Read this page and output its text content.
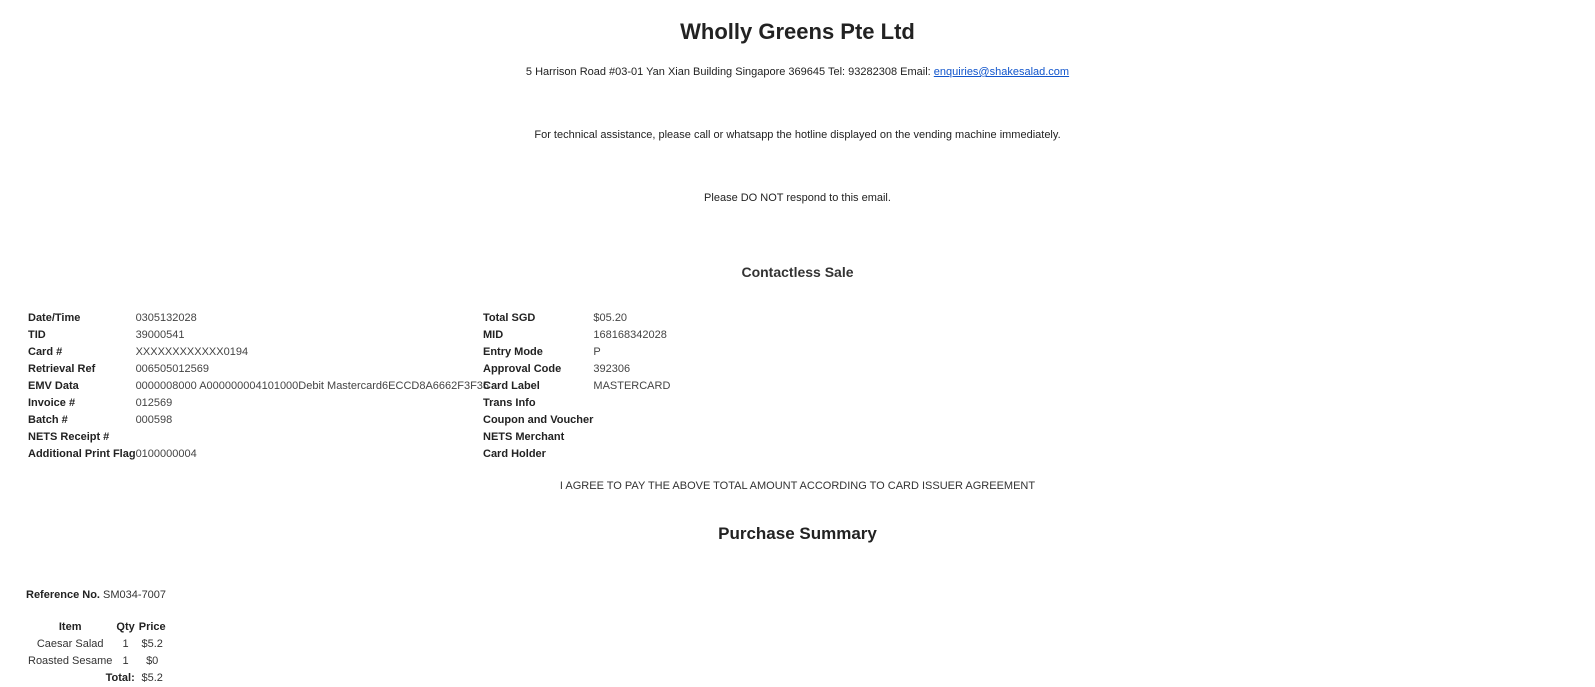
Wholly Greens Pte Ltd
5 Harrison Road #03-01 Yan Xian Building Singapore 369645 Tel: 93282308 Email: enquiries@shakesalad.com
For technical assistance, please call or whatsapp the hotline displayed on the vending machine immediately.
Please DO NOT respond to this email.
Contactless Sale
Date/Time	0305132028
TID	39000541
Card #	XXXXXXXXXXXX0194
Retrieval Ref	006505012569
EMV Data	0000008000 A000000004101000Debit Mastercard6ECCD8A6662F3F35
Invoice #	012569
Batch #	000598
NETS Receipt #	
Additional Print Flag	0100000004
Total SGD	$05.20
MID	168168342028
Entry Mode	P
Approval Code	392306
Card Label	MASTERCARD
Trans Info	
Coupon and Voucher	
NETS Merchant	
Card Holder	
I AGREE TO PAY THE ABOVE TOTAL AMOUNT ACCORDING TO CARD ISSUER AGREEMENT
Purchase Summary
Reference No. SM034-7007
Item	Qty	Price
Caesar Salad	1	$5.2
Roasted Sesame	1	$0
Total:		$5.2
